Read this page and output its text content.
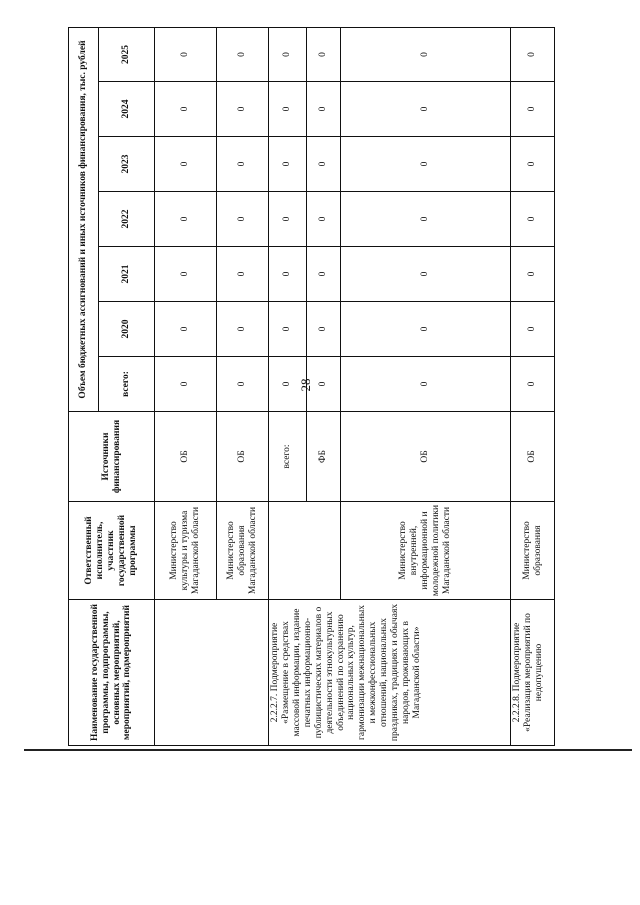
28
Наименование государственной программы, подпрограммы, основных мероприятий, мероприятий, подмероприятий	Ответственный исполнитель, участник государственной программы	Источники финансирования	Объем бюджетных ассигнований и иных источников финансирования, тыс. рублей						
			всего:	2020	2021	2022	2023	2024	2025
	Министерство культуры и туризма Магаданской области	ОБ	0	0	0	0	0	0	0
	Министерство образования Магаданской области	ОБ	0	0	0	0	0	0	0
2.2.2.7. Подмероприятие «Размещение в средствах массовой информации, издание печатных информационно-публицистических материалов о деятельности этнокультурных объединений по сохранению национальных культур, гармонизации межнациональных и межконфессиональных отношений, национальных праздниках, традициях и обычаях народов, проживающих в Магаданской области»		всего:	0	0	0	0	0	0	0
		ФБ	0	0	0	0	0	0	0
	Министерство внутренней, информационной и молодежной политики Магаданской области	ОБ	0	0	0	0	0	0	0
2.2.2.8. Подмероприятие «Реализация мероприятий по недопущению	Министерство образования	ОБ	0	0	0	0	0	0	0
